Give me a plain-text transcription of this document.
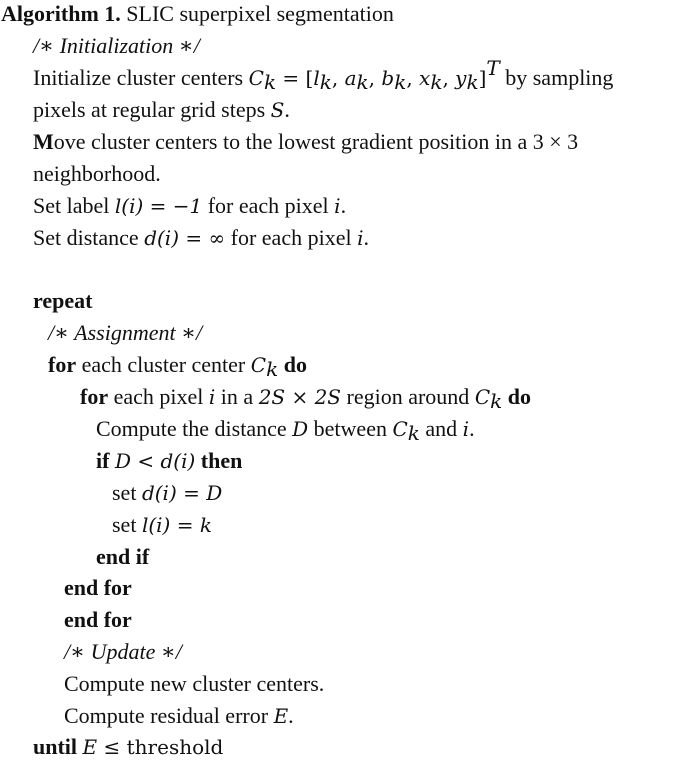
Algorithm 1. SLIC superpixel segmentation
/∗ Initialization ∗/
Initialize cluster centers $C_k = [l_k$, $a_k$, $b_k$, $x_k$, $y_k]^T$ by sampling
pixels at regular grid steps S.
Move cluster centers to the lowest gradient position in a 3 × 3
neighborhood.
Set label l(i) = −1 for each pixel i.
Set distance d(i) = ∞ for each pixel i.
repeat
/∗ Assignment ∗/
for each cluster center $C_k$ do
for each pixel i in a 2S × 2S region around $C_k$ do
Compute the distance D between $C_k$ and i.
if D < d(i) then
set d(i) = D
set l(i) = k
end if
end for
end for
/∗ Update ∗/
Compute new cluster centers.
Compute residual error E.
until E ≤ threshold
